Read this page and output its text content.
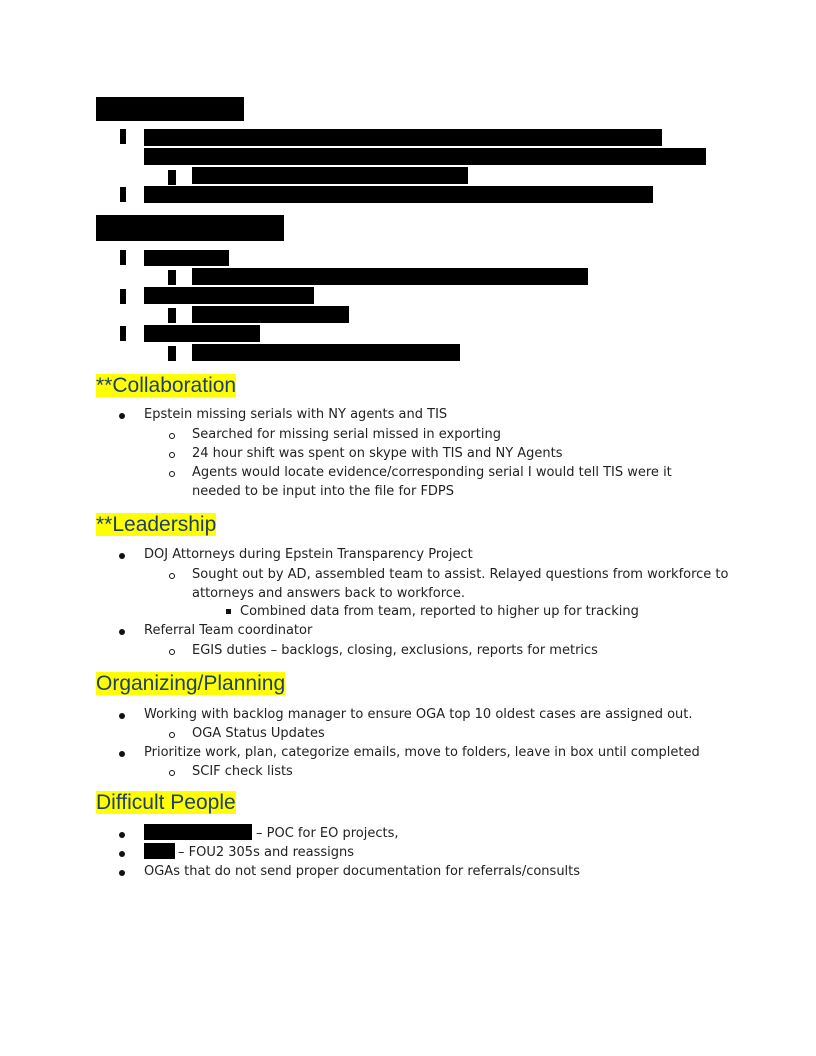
**Collaboration
Epstein missing serials with NY agents and TIS
Searched for missing serial missed in exporting
24 hour shift was spent on skype with TIS and NY Agents
Agents would locate evidence/corresponding serial I would tell TIS were it
needed to be input into the file for FDPS
**Leadership
DOJ Attorneys during Epstein Transparency Project
Sought out by AD, assembled team to assist. Relayed questions from workforce to
attorneys and answers back to workforce.
Combined data from team, reported to higher up for tracking
Referral Team coordinator
EGIS duties – backlogs, closing, exclusions, reports for metrics
Organizing/Planning
Working with backlog manager to ensure OGA top 10 oldest cases are assigned out.
OGA Status Updates
Prioritize work, plan, categorize emails, move to folders, leave in box until completed
SCIF check lists
Difficult People
– POC for EO projects,
– FOU2 305s and reassigns
OGAs that do not send proper documentation for referrals/consults
